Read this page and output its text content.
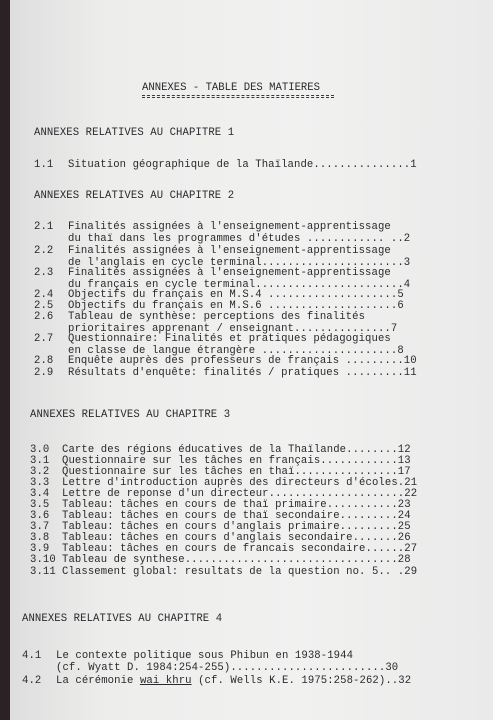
ANNEXES - TABLE DES MATIERES
ANNEXES RELATIVES AU CHAPITRE 1
1.1 Situation géographique de la Thaïlande...............1
ANNEXES RELATIVES AU CHAPITRE 2
2.1 Finalités assignées à l'enseignement-apprentissage
du thaï dans les programmes d'études ............ ..2
2.2 Finalités assignées à l'enseignement-apprentissage
de l'anglais en cycle terminal......................3
2.3 Finalités assignées à l'enseignement-apprentissage
du français en cycle terminal.......................4
2.4 Objectifs du français en M.S.4 ....................5
2.5 Objectifs du français en M.S.6 ....................6
2.6 Tableau de synthèse: perceptions des finalités
prioritaires apprenant / enseignant...............7
2.7 Questionnaire: Finalités et pratiques pédagogiques
en classe de langue étrangère .....................8
2.8 Enquête auprès des professeurs de français .........10
2.9 Résultats d'enquête: finalités / pratiques .........11
ANNEXES RELATIVES AU CHAPITRE 3
3.0 Carte des régions éducatives de la Thaïlande........12
3.1 Questionnaire sur les tâches en français............13
3.2 Questionnaire sur les tâches en thaï................17
3.3 Lettre d'introduction auprès des directeurs d'écoles.21
3.4 Lettre de reponse d'un directeur.....................22
3.5 Tableau: tâches en cours de thaï primaire...........23
3.6 Tableau: tâches en cours de thaï secondaire.........24
3.7 Tableau: tâches en cours d'anglais primaire.........25
3.8 Tableau: tâches en cours d'anglais secondaire.......26
3.9 Tableau: tâches en cours de francais secondaire......27
3.10 Tableau de synthese.................................28
3.11 Classement global: resultats de la question no. 5.. .29
ANNEXES RELATIVES AU CHAPITRE 4
4.1 Le contexte politique sous Phibun en 1938-1944
(cf. Wyatt D. 1984:254-255)........................30
4.2 La cérémonie wai khru (cf. Wells K.E. 1975:258-262)..32
